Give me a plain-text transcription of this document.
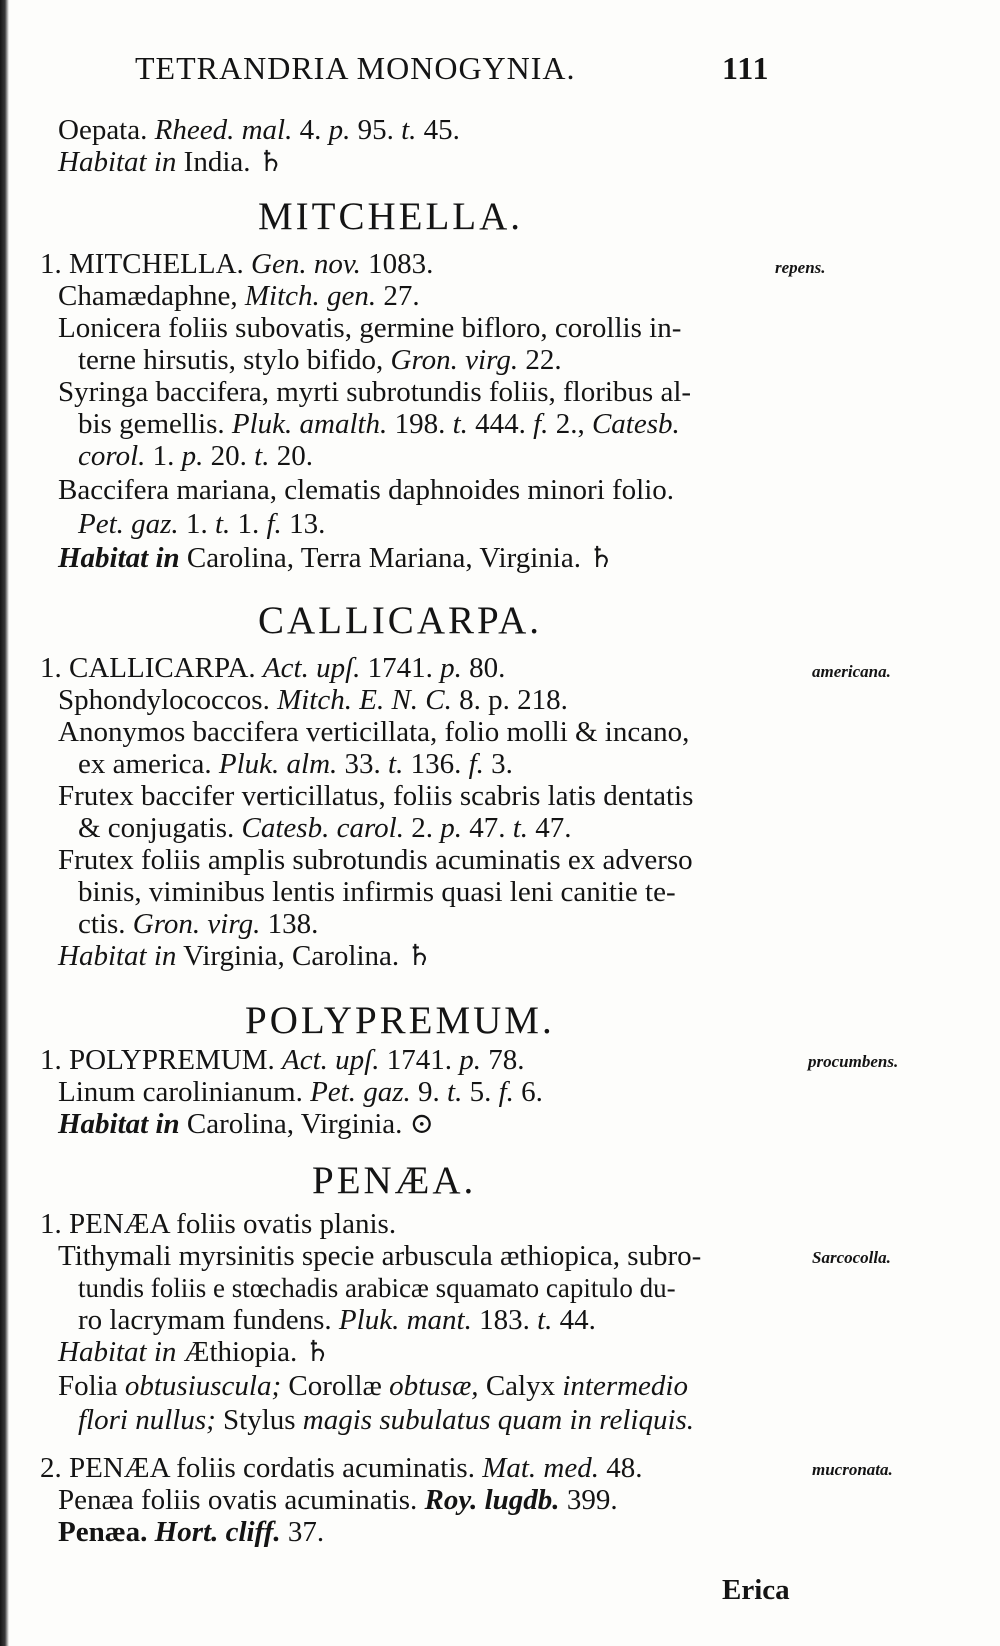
TETRANDRIA MONOGYNIA.	111
Oepata. Rheed. mal. 4. p. 95. t. 45.
Habitat in India. ♄
MITCHELLA.
repens.
1. MITCHELLA. Gen. nov. 1083.
Chamædaphne, Mitch. gen. 27.
Lonicera foliis subovatis, germine bifloro, corollis in-
terne hirsutis, stylo bifido, Gron. virg. 22.
Syringa baccifera, myrti subrotundis foliis, floribus al-
bis gemellis. Pluk. amalth. 198. t. 444. f. 2., Catesb.
corol. 1. p. 20. t. 20.
Baccifera mariana, clematis daphnoides minori folio.
Pet. gaz. 1. t. 1. f. 13.
Habitat in Carolina, Terra Mariana, Virginia. ♄
CALLICARPA.
americana.
1. CALLICARPA. Act. upſ. 1741. p. 80.
Sphondylococcos. Mitch. E. N. C. 8. p. 218.
Anonymos baccifera verticillata, folio molli & incano,
ex america. Pluk. alm. 33. t. 136. f. 3.
Frutex baccifer verticillatus, foliis scabris latis dentatis
& conjugatis. Catesb. carol. 2. p. 47. t. 47.
Frutex foliis amplis subrotundis acuminatis ex adverso
binis, viminibus lentis infirmis quasi leni canitie te-
ctis. Gron. virg. 138.
Habitat in Virginia, Carolina. ♄
POLYPREMUM.
procumbens.
1. POLYPREMUM. Act. upſ. 1741. p. 78.
Linum carolinianum. Pet. gaz. 9. t. 5. f. 6.
Habitat in Carolina, Virginia. ⊙
PENÆA.
1. PENÆA foliis ovatis planis.
Sarcocolla.
Tithymali myrsinitis speciе arbuscula æthiopica, subro-
tundis foliis e stœchadis arabicæ squamato capitulo du-
ro lacrymam fundens. Pluk. mant. 183. t. 44.
Habitat in Æthiopia. ♄
Folia obtusiuscula; Corollæ obtusæ, Calyx intermedio
flori nullus; Stylus magis subulatus quam in reliquis.
mucronata.
2. PENÆA foliis cordatis acuminatis. Mat. med. 48.
Penæa foliis ovatis acuminatis. Roy. lugdb. 399.
Penæa. Hort. cliff. 37.
Erica
